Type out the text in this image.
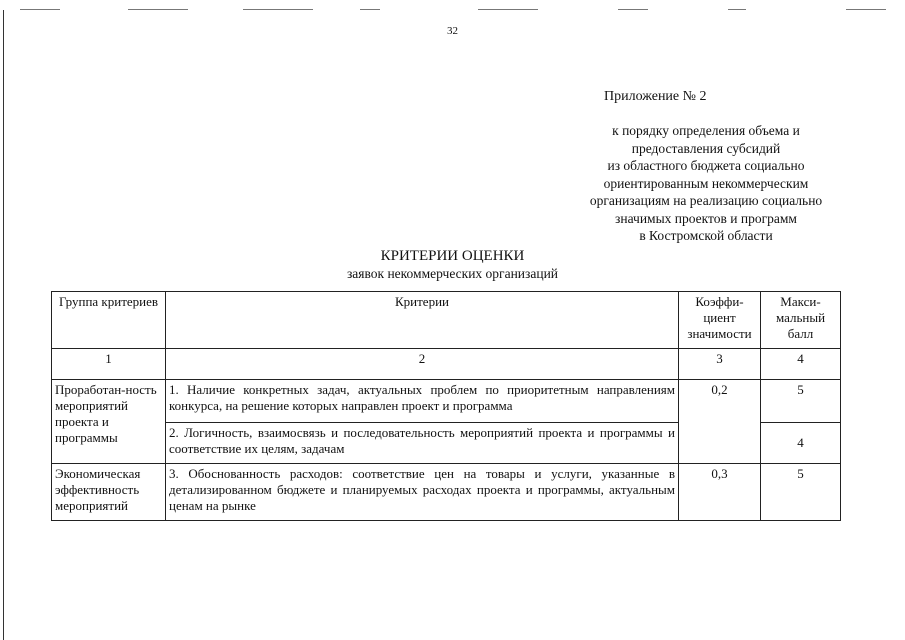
32
Приложение № 2
к порядку определения объема и
предоставления субсидий
из областного бюджета социально
ориентированным некоммерческим
организациям на реализацию социально
значимых проектов и программ
в Костромской области
КРИТЕРИИ ОЦЕНКИ
заявок некоммерческих организаций
Группа критериев	Критерии	Коэффи-циент значимости	Макси-мальный балл
1	2	3	4
Проработан-ность мероприятий проекта и программы	1. Наличие конкретных задач, актуальных проблем по приоритетным направлениям конкурса, на решение которых направлен проект и программа	0,2	5
	2. Логичность, взаимосвязь и последовательность мероприятий проекта и программы и соответствие их целям, задачам		4
Экономическая эффективность мероприятий	3. Обоснованность расходов: соответствие цен на товары и услуги, указанные в детализированном бюджете и планируемых расходах проекта и программы, актуальным ценам на рынке	0,3	5
